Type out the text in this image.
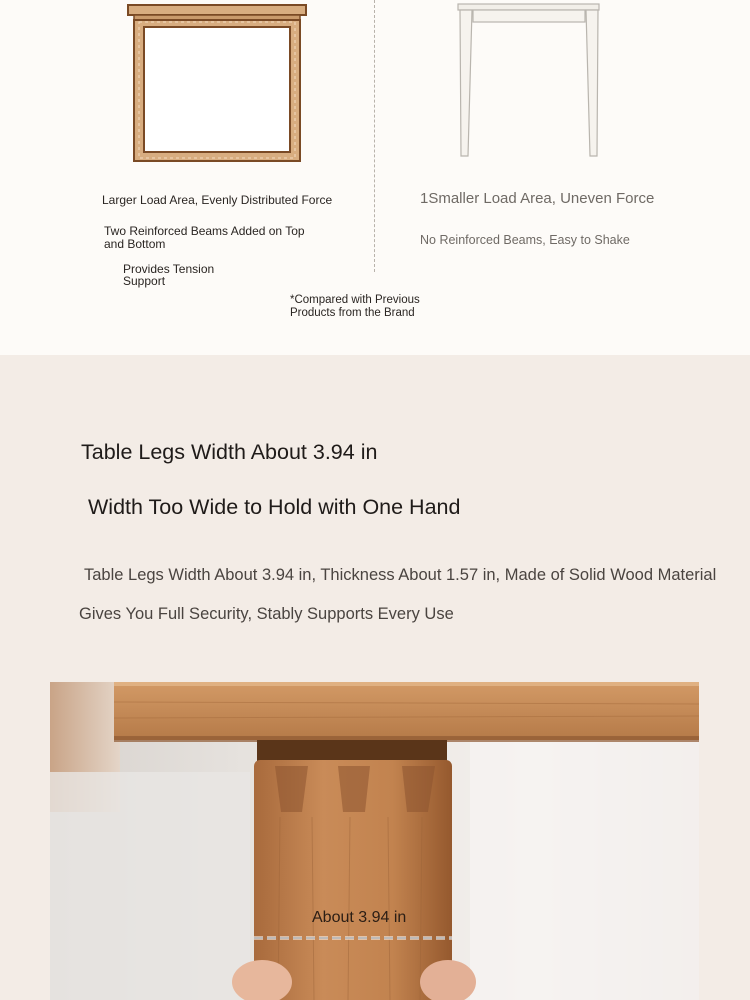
Larger Load Area, Evenly Distributed Force

Two Reinforced Beams Added on Top and Bottom

Provides Tension Support

1Smaller Load Area, Uneven Force

No Reinforced Beams, Easy to Shake

*Compared with Previous Products from the Brand

Table Legs Width About 3.94 in
Width Too Wide to Hold with One Hand

Table Legs Width About 3.94 in, Thickness About 1.57 in, Made of Solid Wood Material

Gives You Full Security, Stably Supports Every Use

About 3.94 in
